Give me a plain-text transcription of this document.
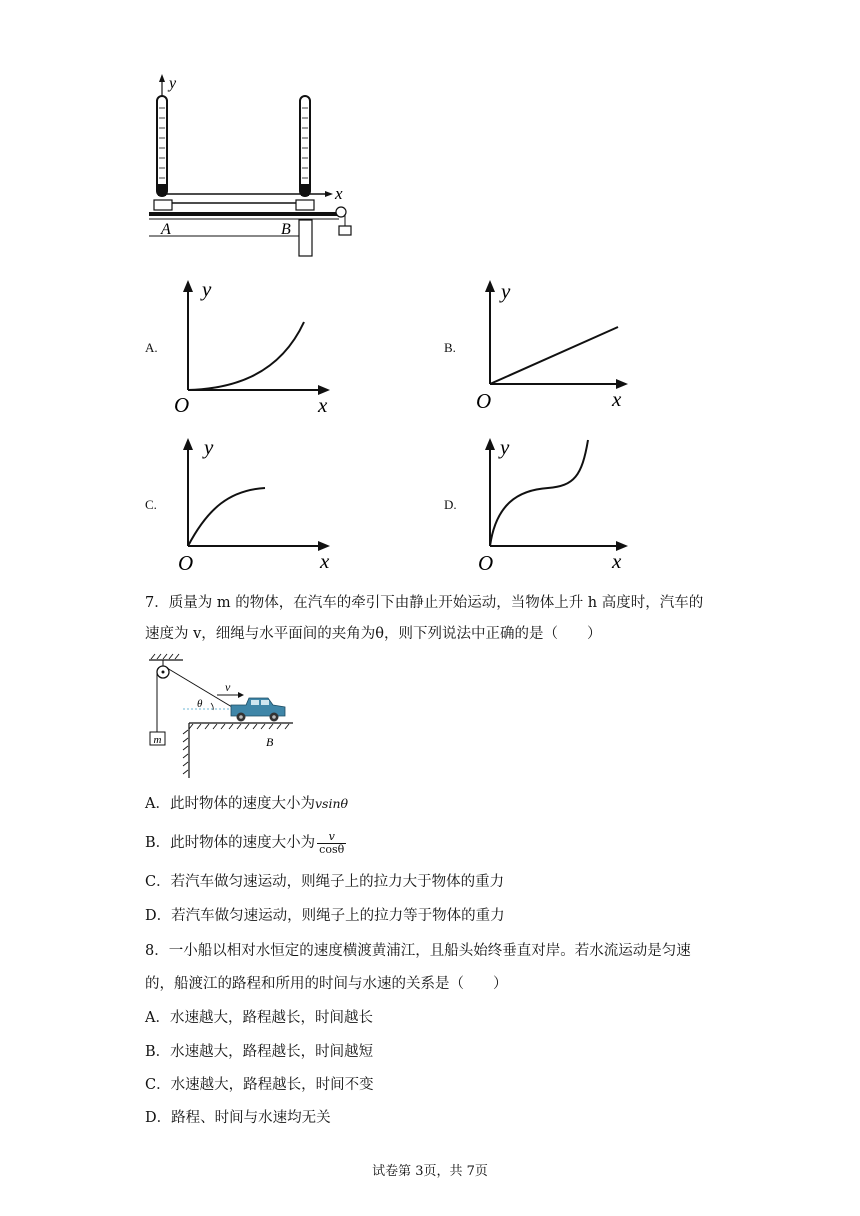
y
x
A	B
A.
y
x
O
B.
y
x
O
C.
y
x
O
D.
y
x
O
7．质量为 m 的物体，在汽车的牵引下由静止开始运动，当物体上升 h 高度时，汽车的
速度为 v，细绳与水平面间的夹角为θ，则下列说法中正确的是（　　）
m
θ
v
B
A．此时物体的速度大小为vsinθ
B．此时物体的速度大小为 $\frac{v}{\cos\theta}$
C．若汽车做匀速运动，则绳子上的拉力大于物体的重力
D．若汽车做匀速运动，则绳子上的拉力等于物体的重力
8．一小船以相对水恒定的速度横渡黄浦江，且船头始终垂直对岸。若水流运动是匀速
的，船渡江的路程和所用的时间与水速的关系是（　　）
A．水速越大，路程越长，时间越长
B．水速越大，路程越长，时间越短
C．水速越大，路程越长，时间不变
D．路程、时间与水速均无关
试卷第 3页，共 7页
